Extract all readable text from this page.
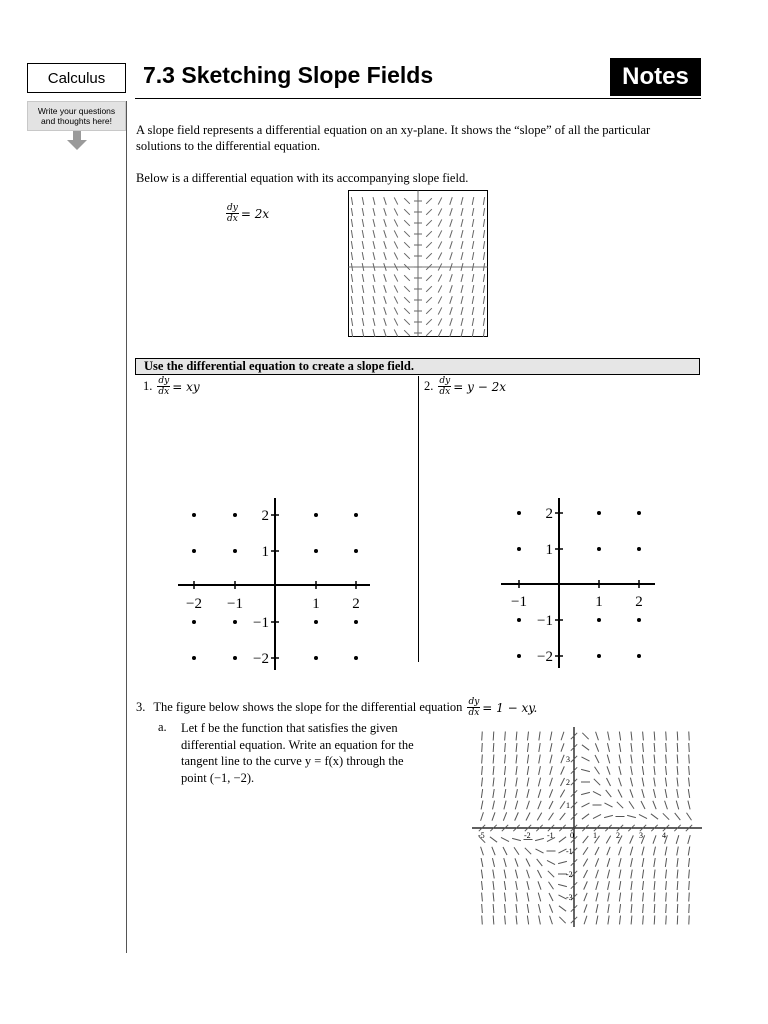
Calculus	7.3 Sketching Slope Fields	Notes
Write your questions
and thoughts here!

A slope field represents a differential equation on an xy-plane. It shows the “slope” of all the particular solutions to the differential equation.

Below is a differential equation with its accompanying slope field.

$\frac{dy}{dx} = 2x$
Use the differential equation to create a slope field.
1. $\frac{dy}{dx}$ = xy
−2 −1	1 2
2
1
−1
−2
2. $\frac{dy}{dx} = y - 2x$
−1	1 2
2
1
−1
−2
3. The figure below shows the slope for the differential equation $\frac{dy}{dx} = 1$ − xy.
a. Let f be the function that satisfies the given
differential equation. Write an equation for the
tangent line to the curve y = f(x) through the
point (−1, −2).
-5	-2 -1 0 1 2 3 4
3
2
1
-1
-2
-3
